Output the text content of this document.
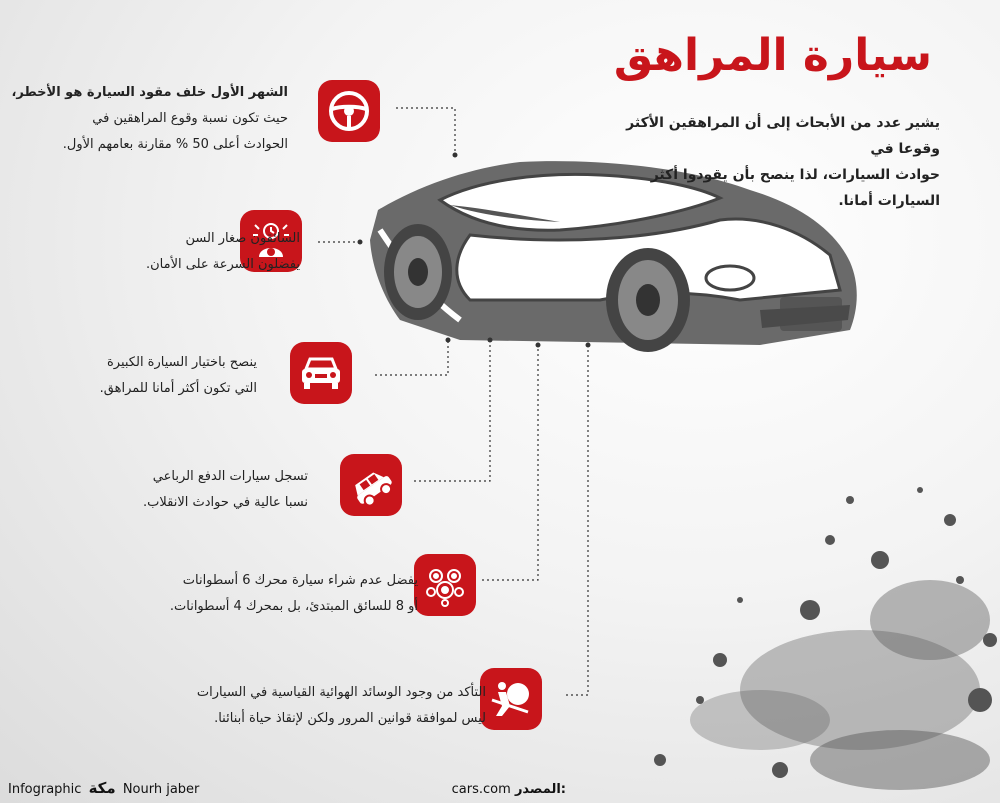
سيارة المراهق
يشير عدد من الأبحاث إلى أن المراهقين الأكثر وقوعا في
حوادث السيارات، لذا ينصح بأن يقودوا أكثر السيارات أمانا.
الشهر الأول خلف مقود السيارة هو الأخطر،
حيث تكون نسبة وقوع المراهقين في
الحوادث أعلى 50 % مقارنة بعامهم الأول.
السائقون صغار السن
يفضلون السرعة على الأمان.
ينصح باختيار السيارة الكبيرة
التي تكون أكثر أمانا للمراهق.
تسجل سيارات الدفع الرباعي
نسبا عالية في حوادث الانقلاب.
يفضل عدم شراء سيارة محرك 6 أسطوانات
أو 8 للسائق المبتدئ، بل بمحرك 4 أسطوانات.
التأكد من وجود الوسائد الهوائية القياسية في السيارات
ليس لموافقة قوانين المرور ولكن لإنقاذ حياة أبنائنا.
Infographic مكة Nourh jaber	cars.com المصدر:
